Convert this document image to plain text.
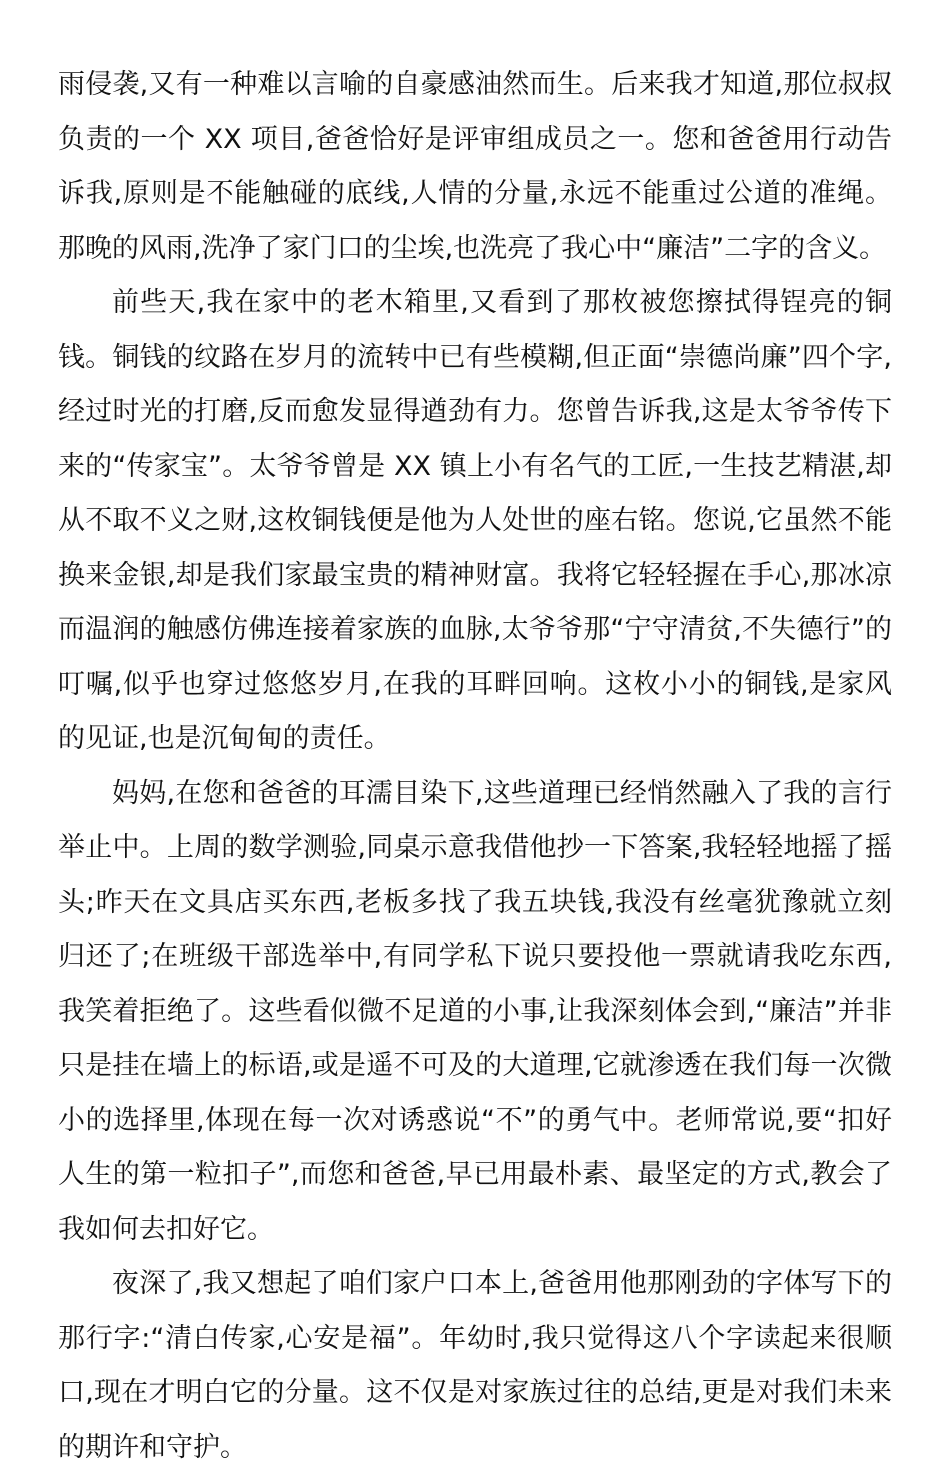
雨侵袭,又有一种难以言喻的自豪感油然而生。后来我才知道,那位叔叔负责的一个 XX 项目,爸爸恰好是评审组成员之一。您和爸爸用行动告诉我,原则是不能触碰的底线,人情的分量,永远不能重过公道的准绳。那晚的风雨,洗净了家门口的尘埃,也洗亮了我心中“廉洁”二字的含义。

前些天,我在家中的老木箱里,又看到了那枚被您擦拭得锃亮的铜钱。铜钱的纹路在岁月的流转中已有些模糊,但正面“崇德尚廉”四个字,经过时光的打磨,反而愈发显得遒劲有力。您曾告诉我,这是太爷爷传下来的“传家宝”。太爷爷曾是 XX 镇上小有名气的工匠,一生技艺精湛,却从不取不义之财,这枚铜钱便是他为人处世的座右铭。您说,它虽然不能换来金银,却是我们家最宝贵的精神财富。我将它轻轻握在手心,那冰凉而温润的触感仿佛连接着家族的血脉,太爷爷那“宁守清贫,不失德行”的叮嘱,似乎也穿过悠悠岁月,在我的耳畔回响。这枚小小的铜钱,是家风的见证,也是沉甸甸的责任。

妈妈,在您和爸爸的耳濡目染下,这些道理已经悄然融入了我的言行举止中。上周的数学测验,同桌示意我借他抄一下答案,我轻轻地摇了摇头;昨天在文具店买东西,老板多找了我五块钱,我没有丝毫犹豫就立刻归还了;在班级干部选举中,有同学私下说只要投他一票就请我吃东西,我笑着拒绝了。这些看似微不足道的小事,让我深刻体会到,“廉洁”并非只是挂在墙上的标语,或是遥不可及的大道理,它就渗透在我们每一次微小的选择里,体现在每一次对诱惑说“不”的勇气中。老师常说,要“扣好人生的第一粒扣子”,而您和爸爸,早已用最朴素、最坚定的方式,教会了我如何去扣好它。

夜深了,我又想起了咱们家户口本上,爸爸用他那刚劲的字体写下的那行字:“清白传家,心安是福”。年幼时,我只觉得这八个字读起来很顺口,现在才明白它的分量。这不仅是对家族过往的总结,更是对我们未来的期许和守护。
